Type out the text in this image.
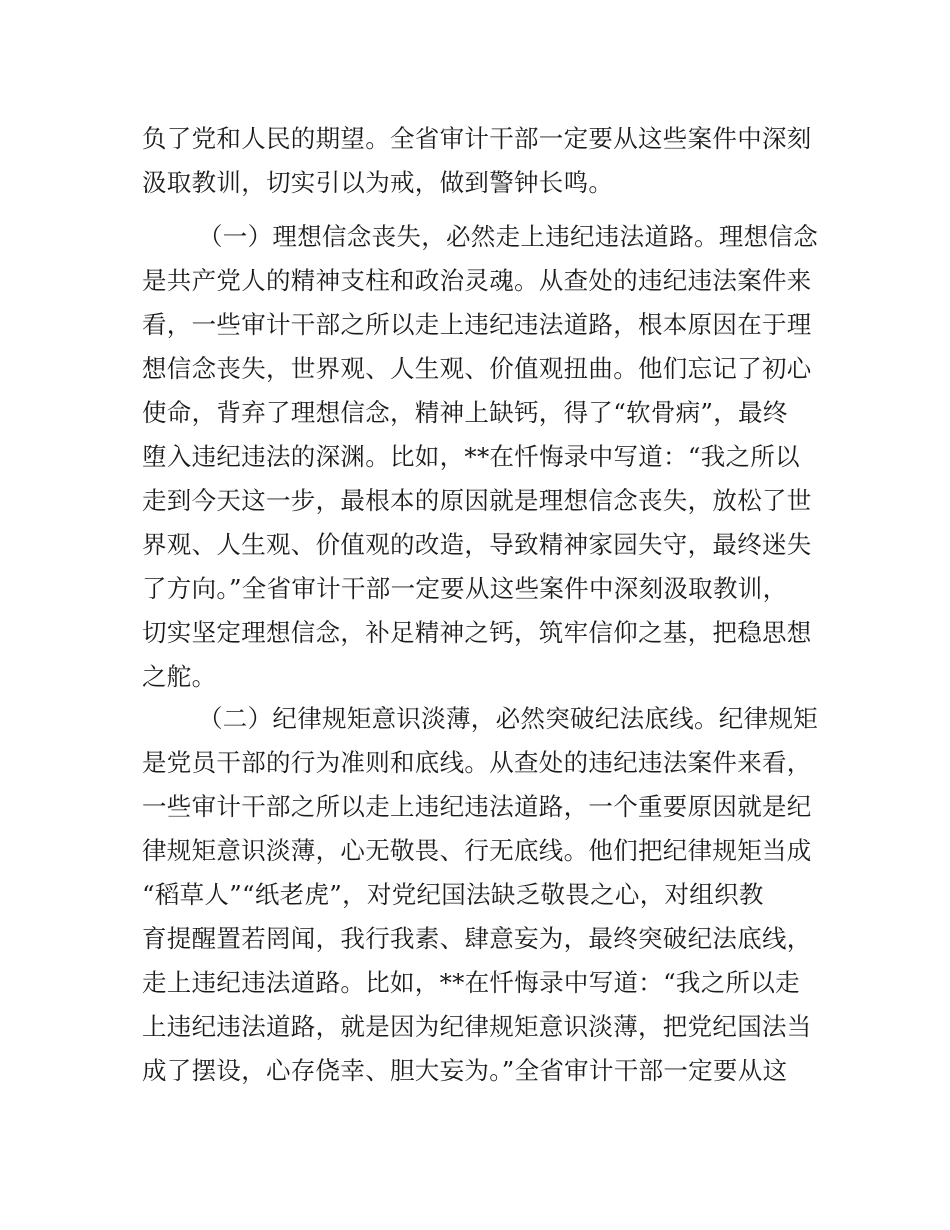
负了党和人民的期望。全省审计干部一定要从这些案件中深刻
汲取教训，切实引以为戒，做到警钟长鸣。
（一）理想信念丧失，必然走上违纪违法道路。理想信念
是共产党人的精神支柱和政治灵魂。从查处的违纪违法案件来
看，一些审计干部之所以走上违纪违法道路，根本原因在于理
想信念丧失，世界观、人生观、价值观扭曲。他们忘记了初心
使命，背弃了理想信念，精神上缺钙，得了“软骨病”，最终
堕入违纪违法的深渊。比如，**在忏悔录中写道：“我之所以
走到今天这一步，最根本的原因就是理想信念丧失，放松了世
界观、人生观、价值观的改造，导致精神家园失守，最终迷失
了方向。”全省审计干部一定要从这些案件中深刻汲取教训，
切实坚定理想信念，补足精神之钙，筑牢信仰之基，把稳思想
之舵。
（二）纪律规矩意识淡薄，必然突破纪法底线。纪律规矩
是党员干部的行为准则和底线。从查处的违纪违法案件来看，
一些审计干部之所以走上违纪违法道路，一个重要原因就是纪
律规矩意识淡薄，心无敬畏、行无底线。他们把纪律规矩当成
“稻草人”“纸老虎”，对党纪国法缺乏敬畏之心，对组织教
育提醒置若罔闻，我行我素、肆意妄为，最终突破纪法底线，
走上违纪违法道路。比如，**在忏悔录中写道：“我之所以走
上违纪违法道路，就是因为纪律规矩意识淡薄，把党纪国法当
成了摆设，心存侥幸、胆大妄为。”全省审计干部一定要从这
